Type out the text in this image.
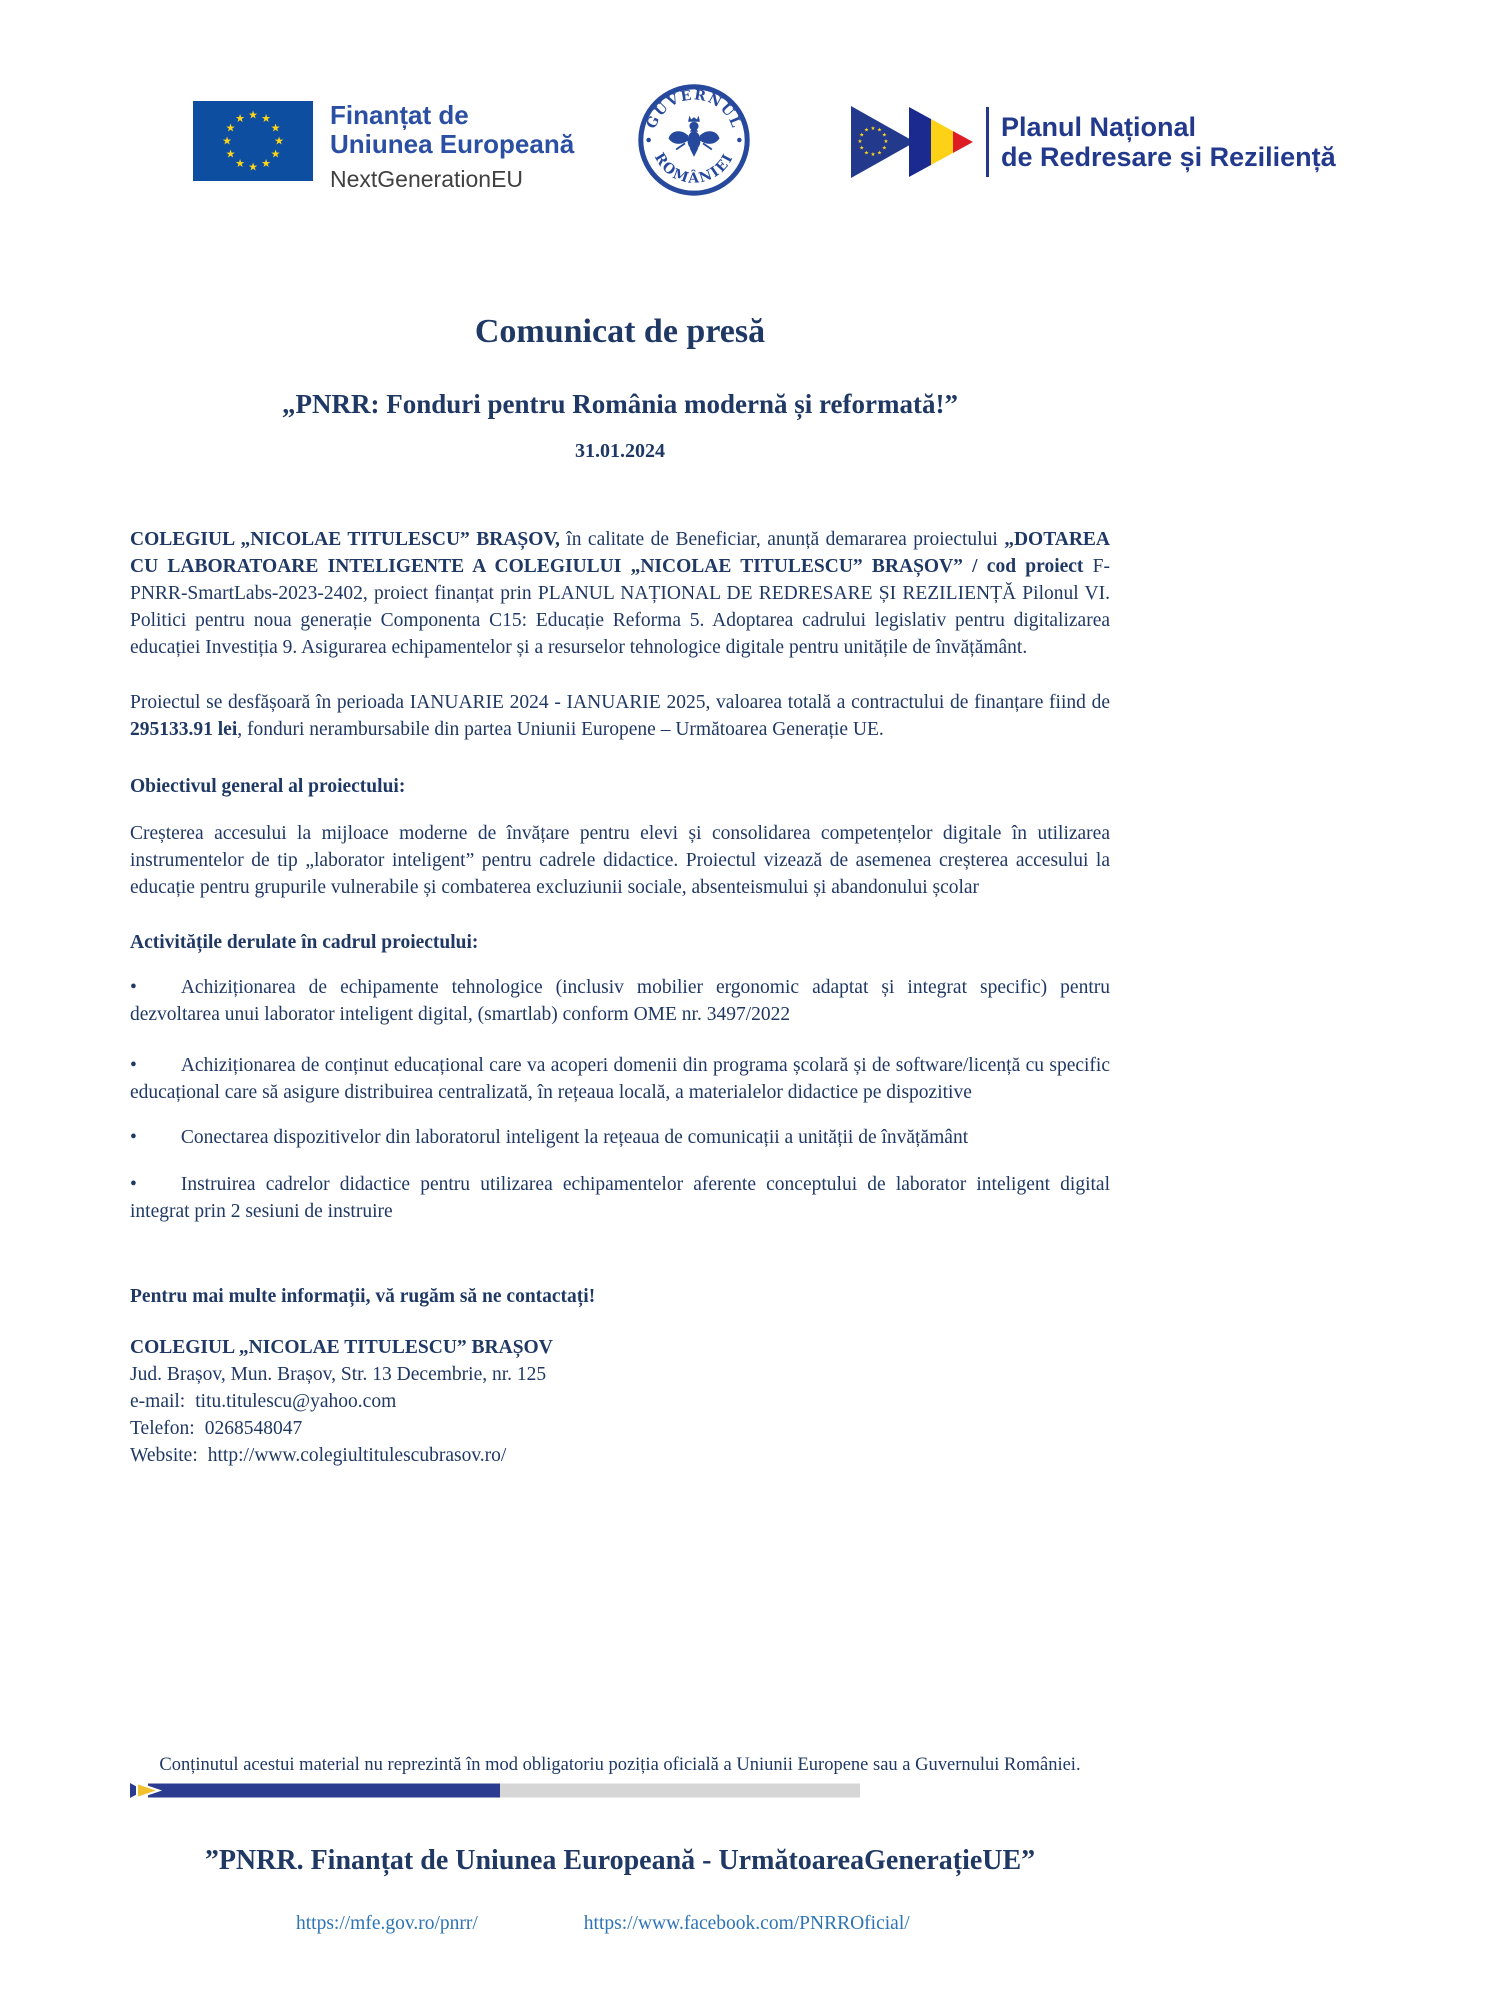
★ ★
★
★
★
★
★
★
★
★
★
★	Finanțat de
Uniunea Europeană
NextGenerationEU
GUVERNUL
ROMÂNIEI
★ ★
★
★
★
★
★
★
★
★
★
★	Planul Național
de Redresare și Reziliență
Comunicat de presă
„PNRR: Fonduri pentru România modernă și reformată!”
31.01.2024

COLEGIUL „NICOLAE TITULESCU” BRAȘOV, în calitate de Beneficiar, anunță demararea proiectului „DOTAREA CU LABORATOARE INTELIGENTE A COLEGIULUI „NICOLAE TITULESCU” BRAȘOV” / cod proiect F-PNRR-SmartLabs-2023-2402, proiect finanțat prin PLANUL NAȚIONAL DE REDRESARE ȘI REZILIENȚĂ Pilonul VI. Politici pentru noua generație Componenta C15: Educație Reforma 5. Adoptarea cadrului legislativ pentru digitalizarea educației Investiția 9. Asigurarea echipamentelor și a resurselor tehnologice digitale pentru unitățile de învățământ.

Proiectul se desfășoară în perioada IANUARIE 2024 - IANUARIE 2025, valoarea totală a contractului de finanțare fiind de 295133.91 lei, fonduri nerambursabile din partea Uniunii Europene – Următoarea Generație UE.

Obiectivul general al proiectului:

Creșterea accesului la mijloace moderne de învățare pentru elevi și consolidarea competențelor digitale în utilizarea instrumentelor de tip „laborator inteligent” pentru cadrele didactice. Proiectul vizează de asemenea creșterea accesului la educație pentru grupurile vulnerabile și combaterea excluziunii sociale, absenteismului și abandonului școlar

Activitățile derulate în cadrul proiectului:

• Achiziționarea de echipamente tehnologice (inclusiv mobilier ergonomic adaptat și integrat specific) pentru dezvoltarea unui laborator inteligent digital, (smartlab) conform OME nr. 3497/2022

• Achiziționarea de conținut educațional care va acoperi domenii din programa școlară și de software/licență cu specific educațional care să asigure distribuirea centralizată, în rețeaua locală, a materialelor didactice pe dispozitive

• Conectarea dispozitivelor din laboratorul inteligent la rețeaua de comunicații a unității de învățământ

• Instruirea cadrelor didactice pentru utilizarea echipamentelor aferente conceptului de laborator inteligent digital integrat prin 2 sesiuni de instruire

Pentru mai multe informații, vă rugăm să ne contactați!

COLEGIUL „NICOLAE TITULESCU” BRAȘOV
Jud. Brașov, Mun. Brașov, Str. 13 Decembrie, nr. 125
e-mail: titu.titulescu@yahoo.com
Telefon: 0268548047
Website: http://www.colegiultitulescubrasov.ro/

Conținutul acestui material nu reprezintă în mod obligatoriu poziția oficială a Uniunii Europene sau a Guvernului României.

”PNRR. Finanțat de Uniunea Europeană - UrmătoareaGenerațieUE”

https://mfe.gov.ro/pnrr/	https://www.facebook.com/PNRROficial/
